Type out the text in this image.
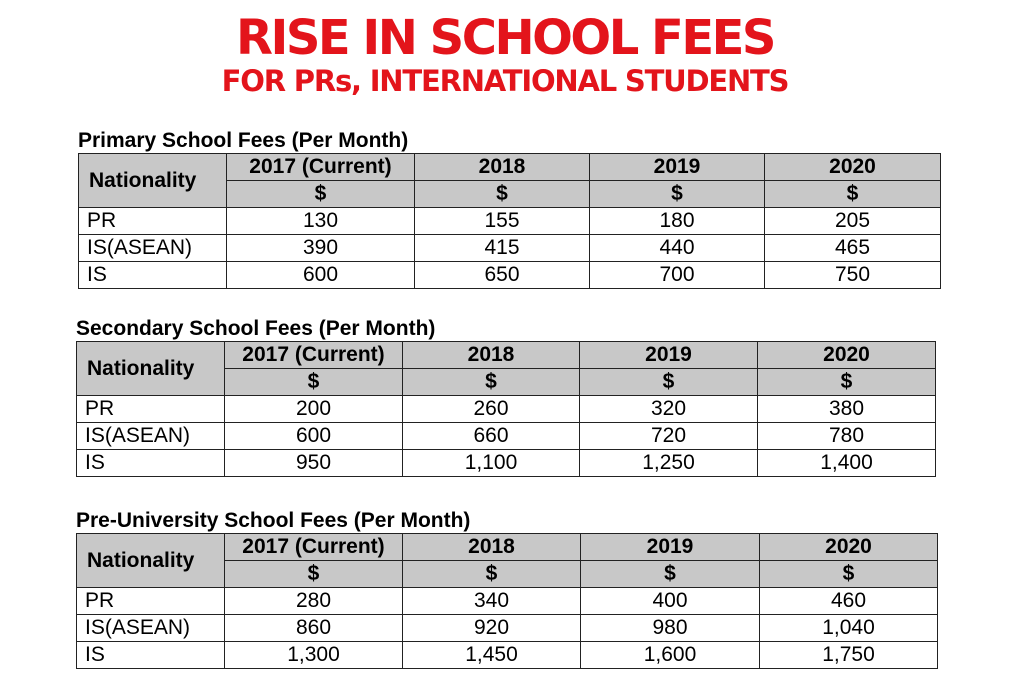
RISE IN SCHOOL FEES
FOR PRs, INTERNATIONAL STUDENTS
Primary School Fees (Per Month)
Nationality	2017 (Current)	2018	2019	2020
	$	$	$	$
PR	130	155	180	205
IS(ASEAN)	390	415	440	465
IS	600	650	700	750
Secondary School Fees (Per Month)
Nationality	2017 (Current)	2018	2019	2020
	$	$	$	$
PR	200	260	320	380
IS(ASEAN)	600	660	720	780
IS	950	1,100	1,250	1,400
Pre-University School Fees (Per Month)
Nationality	2017 (Current)	2018	2019	2020
	$	$	$	$
PR	280	340	400	460
IS(ASEAN)	860	920	980	1,040
IS	1,300	1,450	1,600	1,750
